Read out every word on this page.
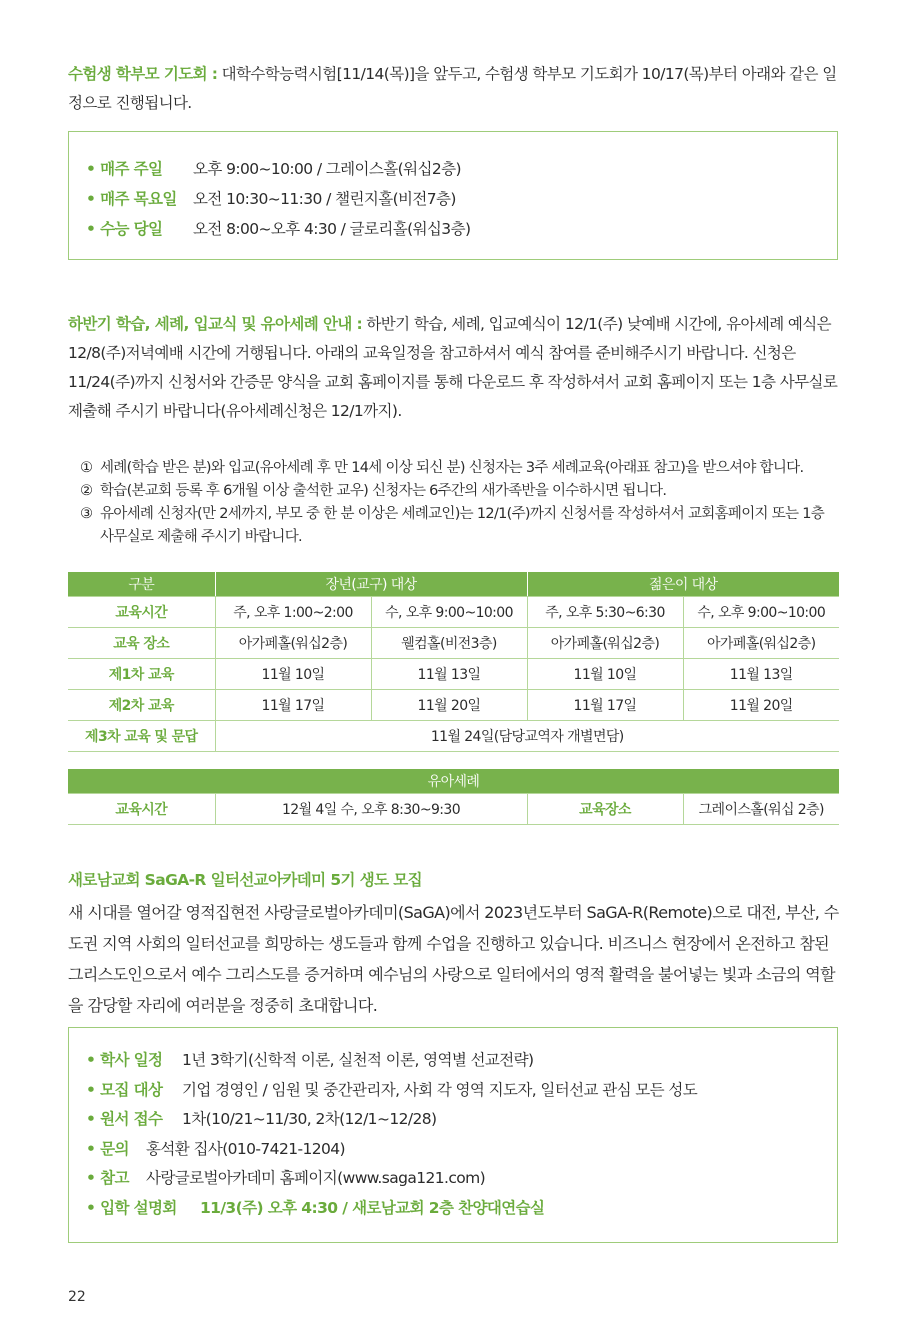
수험생 학부모 기도회 : 대학수학능력시험[11/14(목)]을 앞두고, 수험생 학부모 기도회가 10/17(목)부터 아래와 같은 일정으로 진행됩니다.
• 매주 주일 오후 9:00~10:00 / 그레이스홀(워십2층)
• 매주 목요일 오전 10:30~11:30 / 챌린지홀(비전7층)
• 수능 당일 오전 8:00~오후 4:30 / 글로리홀(워십3층)
하반기 학습, 세례, 입교식 및 유아세례 안내 : 하반기 학습, 세례, 입교예식이 12/1(주) 낮예배 시간에, 유아세례 예식은 12/8(주)저녁예배 시간에 거행됩니다. 아래의 교육일정을 참고하셔서 예식 참여를 준비해주시기 바랍니다. 신청은 11/24(주)까지 신청서와 간증문 양식을 교회 홈페이지를 통해 다운로드 후 작성하셔서 교회 홈페이지 또는 1층 사무실로 제출해 주시기 바랍니다(유아세례신청은 12/1까지).
① 세례(학습 받은 분)와 입교(유아세례 후 만 14세 이상 되신 분) 신청자는 3주 세례교육(아래표 참고)을 받으셔야 합니다.
② 학습(본교회 등록 후 6개월 이상 출석한 교우) 신청자는 6주간의 새가족반을 이수하시면 됩니다.
③ 유아세례 신청자(만 2세까지, 부모 중 한 분 이상은 세례교인)는 12/1(주)까지 신청서를 작성하셔서 교회홈페이지 또는 1층 사무실로 제출해 주시기 바랍니다.
구분	장년(교구) 대상		젊은이 대상	
교육시간	주, 오후 1:00~2:00	수, 오후 9:00~10:00	주, 오후 5:30~6:30	수, 오후 9:00~10:00
교육 장소	아가페홀(워십2층)	웰컴홀(비전3층)	아가페홀(워십2층)	아가페홀(워십2층)
제1차 교육	11월 10일	11월 13일	11월 10일	11월 13일
제2차 교육	11월 17일	11월 20일	11월 17일	11월 20일
제3차 교육 및 문답	11월 24일(담당교역자 개별면담)			
유아세례
교육시간	12월 4일 수, 오후 8:30~9:30	교육장소	그레이스홀(워십 2층)
새로남교회 SaGA-R 일터선교아카데미 5기 생도 모집
새 시대를 열어갈 영적집현전 사랑글로벌아카데미(SaGA)에서 2023년도부터 SaGA-R(Remote)으로 대전, 부산, 수도권 지역 사회의 일터선교를 희망하는 생도들과 함께 수업을 진행하고 있습니다. 비즈니스 현장에서 온전하고 참된 그리스도인으로서 예수 그리스도를 증거하며 예수님의 사랑으로 일터에서의 영적 활력을 불어넣는 빛과 소금의 역할을 감당할 자리에 여러분을 정중히 초대합니다.
• 학사 일정 1년 3학기(신학적 이론, 실천적 이론, 영역별 선교전략)
• 모집 대상 기업 경영인 / 임원 및 중간관리자, 사회 각 영역 지도자, 일터선교 관심 모든 성도
• 원서 접수 1차(10/21~11/30, 2차(12/1~12/28)
• 문의 홍석환 집사(010-7421-1204)
• 참고 사랑글로벌아카데미 홈페이지(www.saga121.com)
• 입학 설명회 11/3(주) 오후 4:30 / 새로남교회 2층 찬양대연습실
22
